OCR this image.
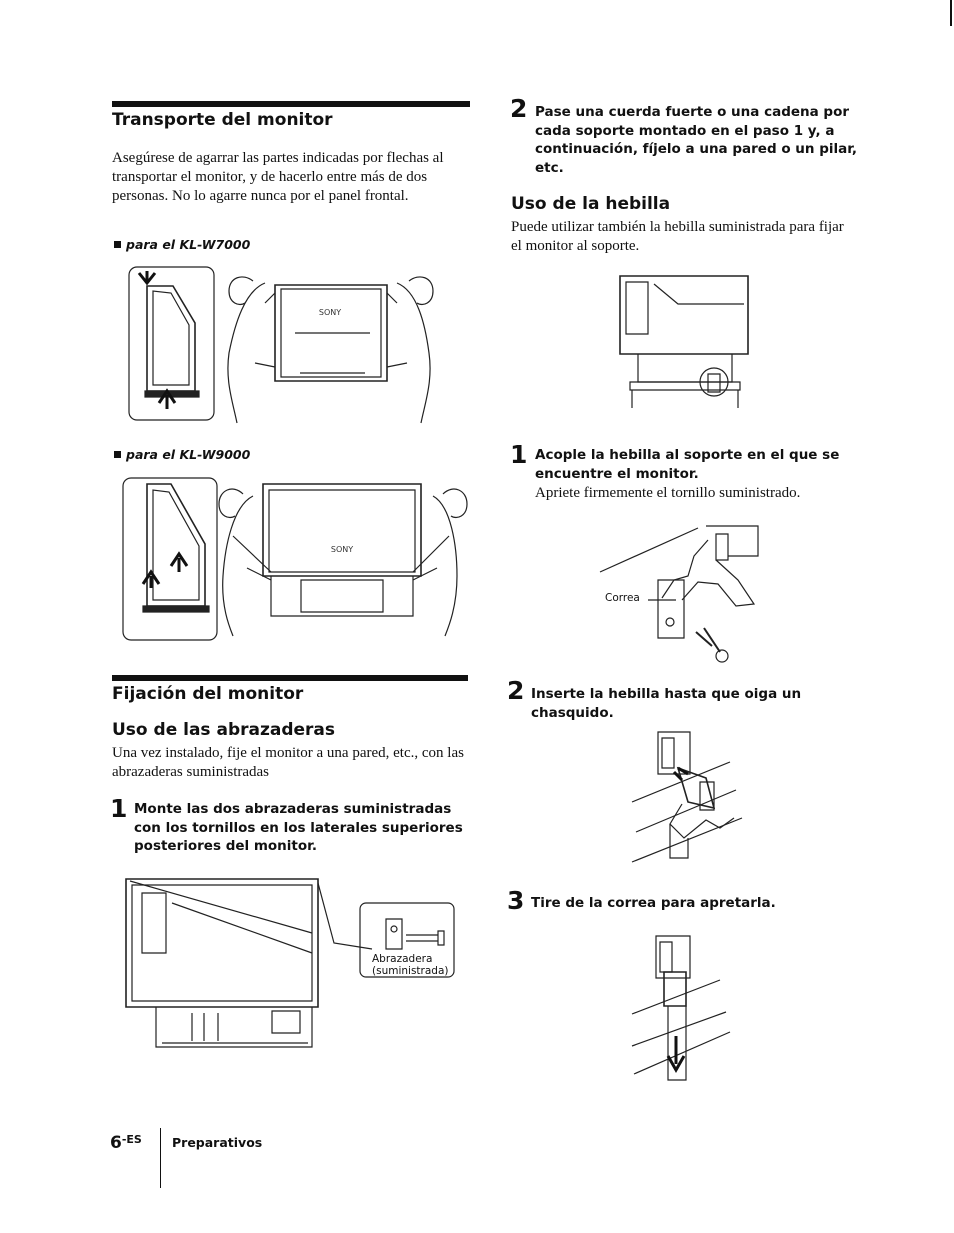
Transporte del monitor
Asegúrese de agarrar las partes indicadas por flechas al transportar el monitor, y de hacerlo entre más de dos personas. No lo agarre nunca por el panel frontal.
para el KL-W7000
SONY
para el KL-W9000
SONY
Fijación del monitor
Uso de las abrazaderas
Una vez instalado, fije el monitor a una pared, etc., con las abrazaderas suministradas
1 Monte las dos abrazaderas suministradas con los tornillos en los laterales superiores posteriores del monitor.
Abrazadera
(suministrada)
2 Pase una cuerda fuerte o una cadena por cada soporte montado en el paso 1 y, a continuación, fíjelo a una pared o un pilar, etc.
Uso de la hebilla
Puede utilizar también la hebilla suministrada para fijar el monitor al soporte.
1 Acople la hebilla al soporte en el que se encuentre el monitor.
Apriete firmemente el tornillo suministrado.
Correa
2 Inserte la hebilla hasta que oiga un chasquido.
3 Tire de la correa para apretarla.
$6^{-ES}$ Preparativos
